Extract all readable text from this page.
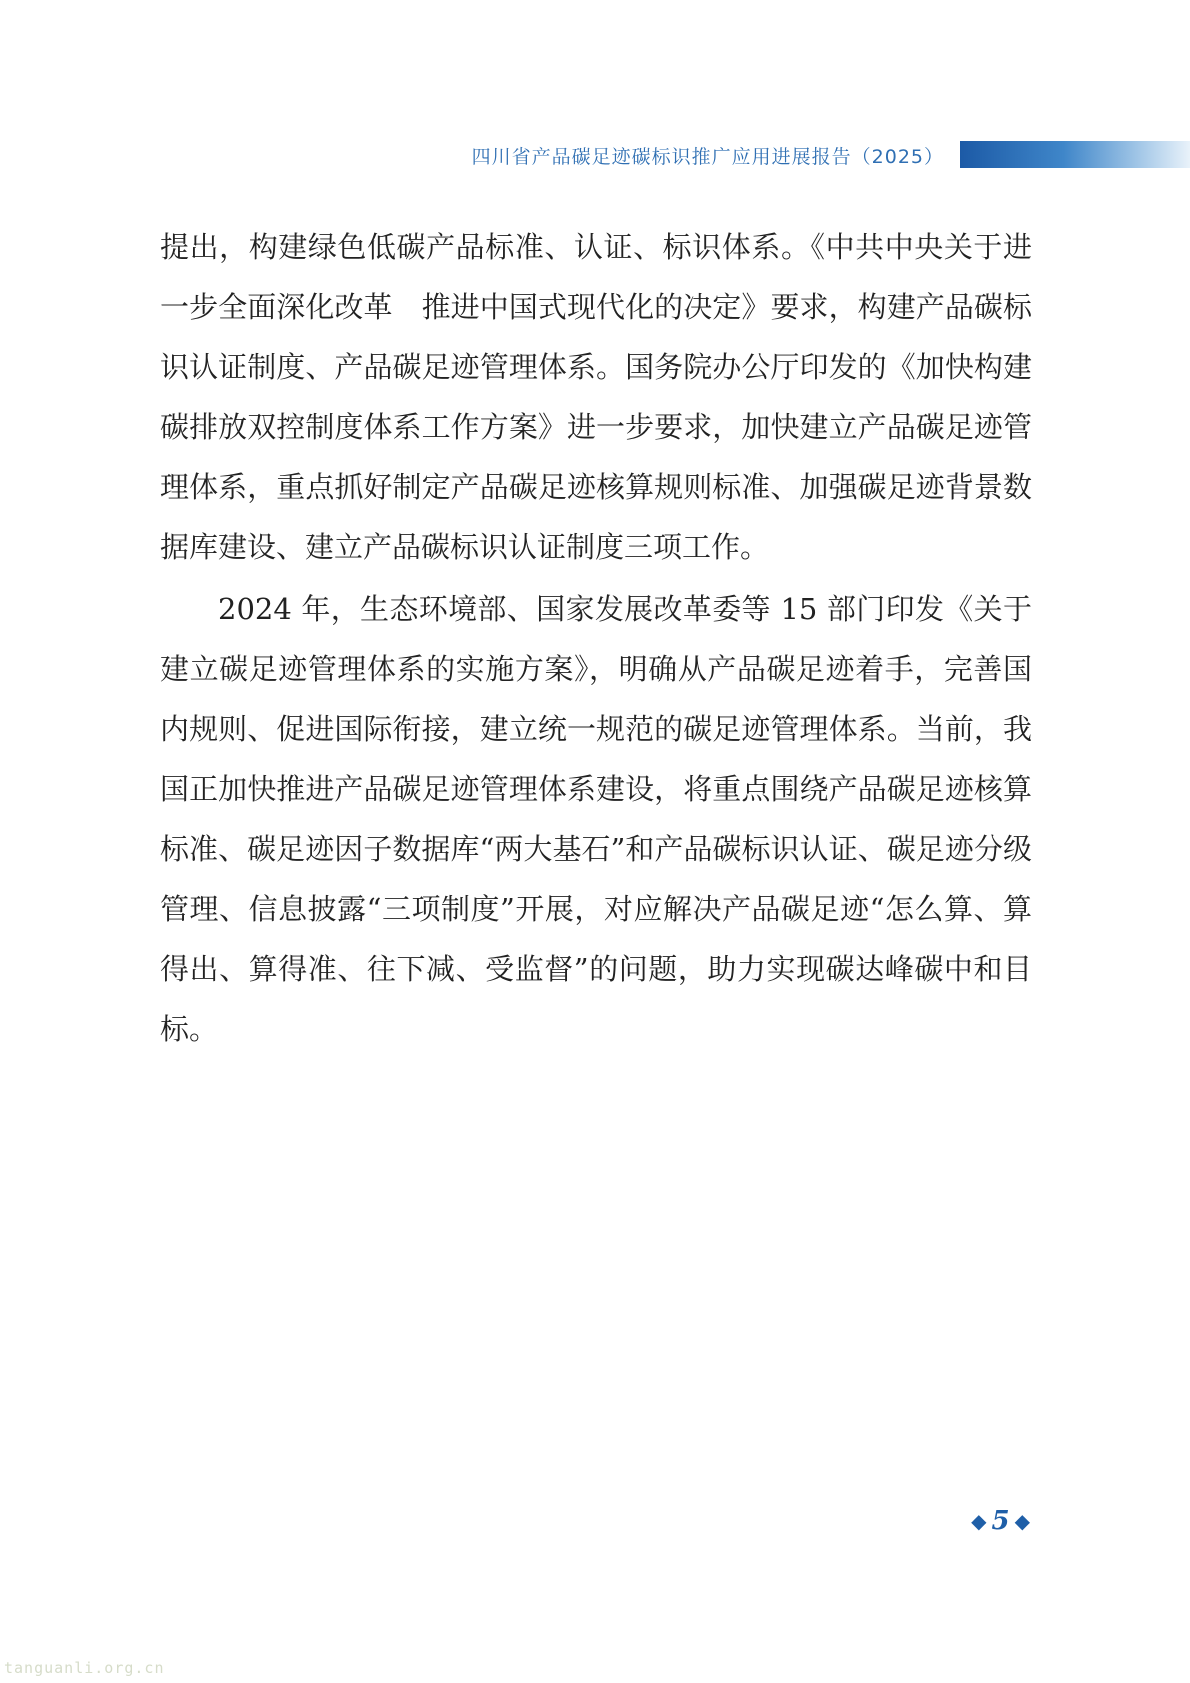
四川省产品碳足迹碳标识推广应用进展报告（2025）

提出，构建绿色低碳产品标准、认证、标识体系。《中共中央关于进一步全面深化改革　推进中国式现代化的决定》要求，构建产品碳标识认证制度、产品碳足迹管理体系。国务院办公厅印发的《加快构建碳排放双控制度体系工作方案》进一步要求，加快建立产品碳足迹管理体系，重点抓好制定产品碳足迹核算规则标准、加强碳足迹背景数据库建设、建立产品碳标识认证制度三项工作。

2024 年，生态环境部、国家发展改革委等 15 部门印发《关于建立碳足迹管理体系的实施方案》，明确从产品碳足迹着手，完善国内规则、促进国际衔接，建立统一规范的碳足迹管理体系。当前，我国正加快推进产品碳足迹管理体系建设，将重点围绕产品碳足迹核算标准、碳足迹因子数据库“两大基石”和产品碳标识认证、碳足迹分级管理、信息披露“三项制度”开展，对应解决产品碳足迹“怎么算、算得出、算得准、往下减、受监督”的问题，助力实现碳达峰碳中和目标。

◆ 5 ◆
tanguanli.org.cn
